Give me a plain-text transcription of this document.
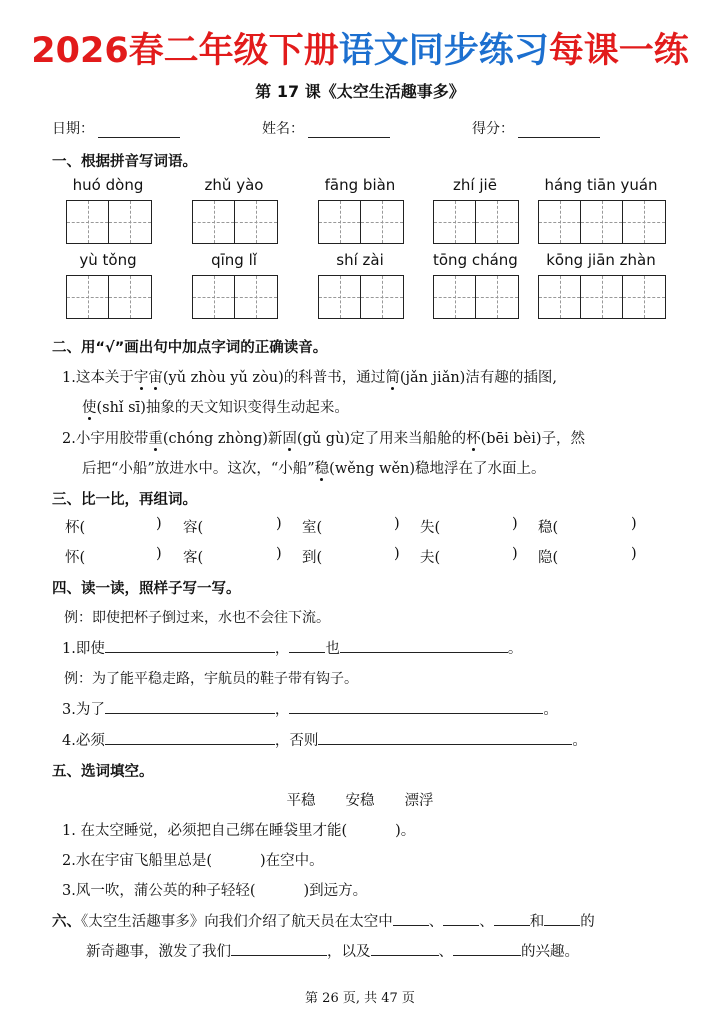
2026春二年级下册语文同步练习每课一练
第 17 课《太空生活趣事多》
日期：	姓名：	得分：
一、根据拼音写词语。
huó dòng	zhǔ yào	fāng biàn	zhí jiē	háng tiān yuán
yù tǒng	qīng lǐ	shí zài	tōng cháng	kōng jiān zhàn
二、用“√”画出句中加点字词的正确读音。
1.这本关于宇宙(yǔ zhòu yǔ zòu)的科普书，通过简(jǎn jiǎn)洁有趣的插图,
使(shǐ sī)抽象的天文知识变得生动起来。
2.小宇用胶带重(chóng zhòng)新固(gǔ gù)定了用来当船舱的杯(bēi bèi)子，然
后把“小船”放进水中。这次，“小船”稳(wěng wěn)稳地浮在了水面上。
三、比一比，再组词。
杯(	) 容(	) 室(	) 失(	) 稳(	)
怀(	) 客(	) 到(	) 夫(	) 隐(	)
四、读一读，照样子写一写。
例：即使把杯子倒过来，水也不会往下流。
1.即使	， 也	。
例：为了能平稳走路，宇航员的鞋子带有钩子。
3.为了	，	。
4.必须	，否则	。
五、选词填空。
平稳 安稳 漂浮
1. 在太空睡觉，必须把自己绑在睡袋里才能(	)。
2.水在宇宙飞船里总是(	)在空中。
3.风一吹，蒲公英的种子轻轻(	)到远方。
六、《太空生活趣事多》向我们介绍了航天员在太空中 、 、 和 的
新奇趣事，激发了我们	，以及	、	的兴趣。
第 26 页, 共 47 页
